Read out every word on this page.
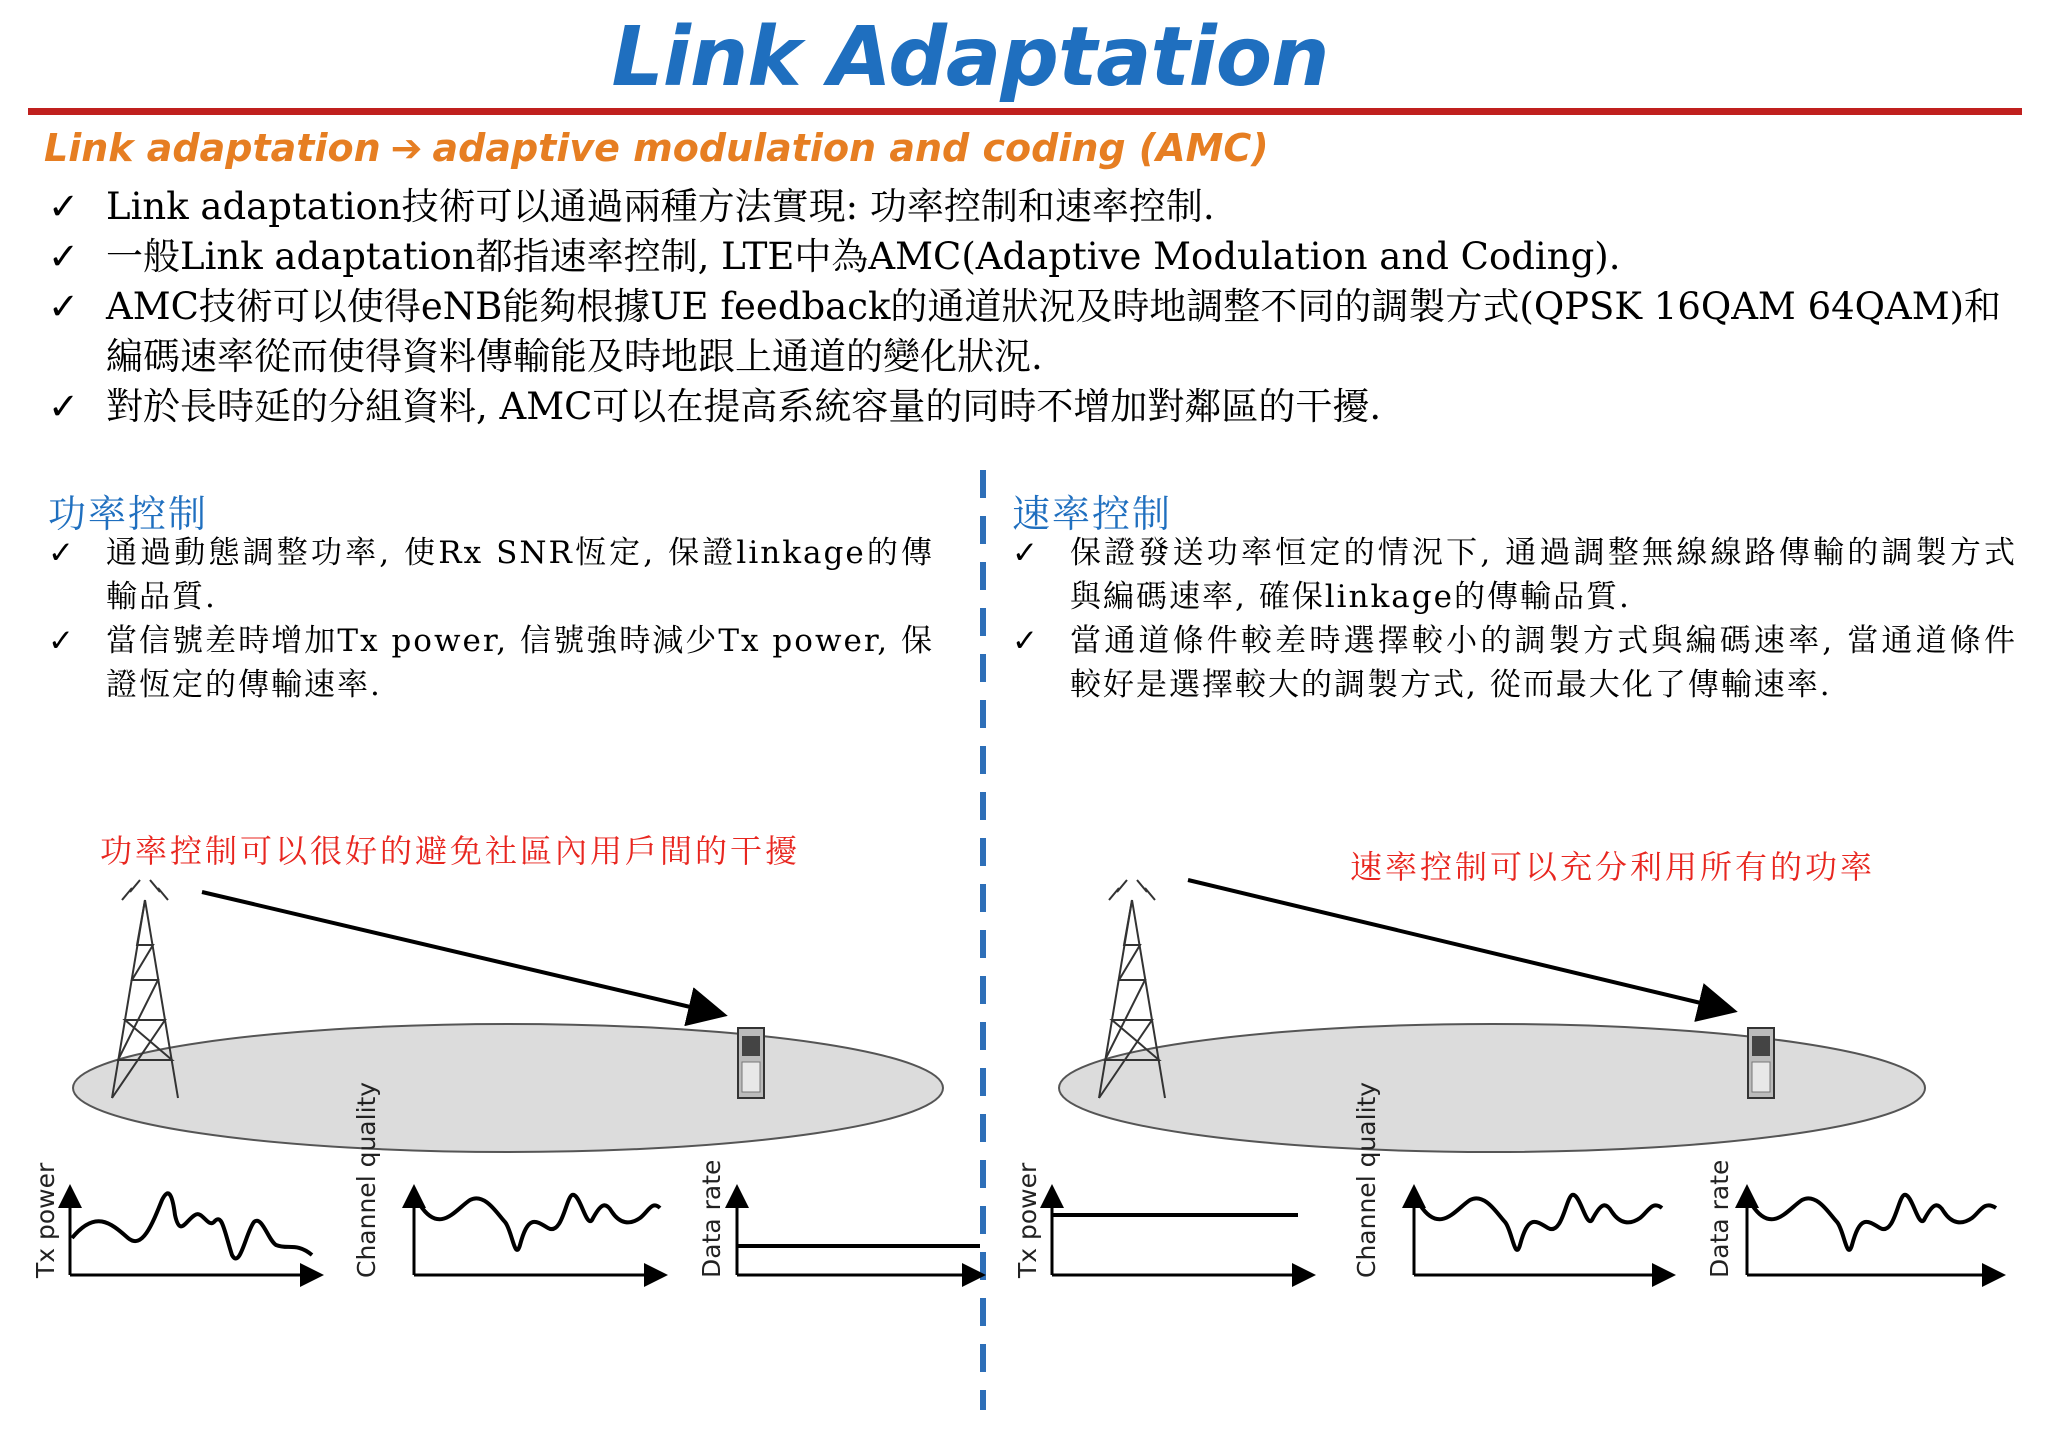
Link Adaptation
Link adaptation ➔ adaptive modulation and coding (AMC)
✓ Link adaptation技術可以通過兩種方法實現: 功率控制和速率控制.
✓ 一般Link adaptation都指速率控制, LTE中為AMC(Adaptive Modulation and Coding).
✓ AMC技術可以使得eNB能夠根據UE feedback的通道狀況及時地調整不同的調製方式(QPSK 16QAM 64QAM)和編碼速率從而使得資料傳輸能及時地跟上通道的變化狀況.
✓ 對於長時延的分組資料, AMC可以在提高系統容量的同時不增加對鄰區的干擾.
功率控制
✓ 通過動態調整功率, 使Rx SNR恆定, 保證linkage的傳輸品質.
✓ 當信號差時增加Tx power, 信號強時減少Tx power, 保證恆定的傳輸速率.
功率控制可以很好的避免社區內用戶間的干擾
速率控制
✓ 保證發送功率恒定的情況下, 通過調整無線線路傳輸的調製方式與編碼速率, 確保linkage的傳輸品質.
✓ 當通道條件較差時選擇較小的調製方式與編碼速率, 當通道條件較好是選擇較大的調製方式, 從而最大化了傳輸速率.
速率控制可以充分利用所有的功率
Tx power	Channel quality	Data rate	Tx power	Channel quality	Data rate
